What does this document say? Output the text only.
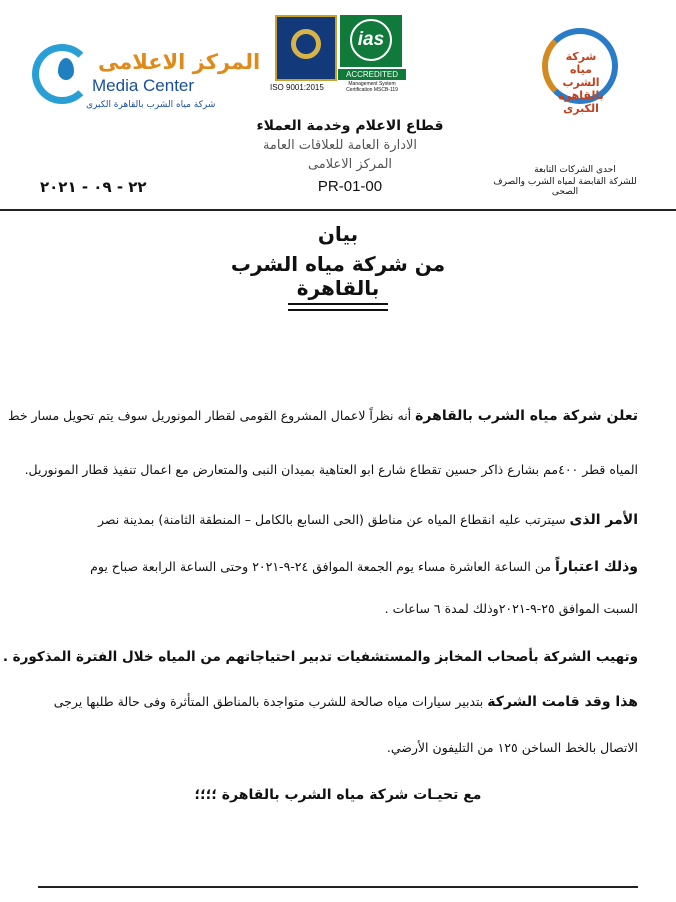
المركز الاعلامى
Media Center
شركة مياه الشرب بالقاهرة الكبرى
ISO 9001:2015
ias
ACCREDITED
Management System Certification MSCB-119
قطاع الاعلام وخدمة العملاء
الادارة العامة للعلاقات العامة
المركز الاعلامى
PR-01-00
شركة مياه الشرب بالقاهرة الكبرى
احدى الشركات التابعة
للشركة القابضة لمياه الشرب والصرف الصحى
٢٢ - ٠٩ - ٢٠٢١
بيان
من شركة مياه الشرب بالقاهرة
تعلن شركة مياه الشرب بالقاهرة أنه نظراً لاعمال المشروع القومى لقطار المونوريل سوف يتم تحويل مسار خط
المياه قطر ٤٠٠مم بشارع ذاكر حسين تقطاع شارع ابو العتاهية بميدان النبى والمتعارض مع اعمال تنفيذ قطار المونوريل.
الأمر الذى سيترتب عليه انقطاع المياه عن مناطق (الحى السابع بالكامل – المنطقة الثامنة) بمدينة نصر
وذلك اعتباراً من الساعة العاشرة مساء يوم الجمعة الموافق ٢٤-٩-٢٠٢١ وحتى الساعة الرابعة صباح يوم
السبت الموافق ٢٥-٩-٢٠٢١وذلك لمدة ٦ ساعات .
وتهيب الشركة بأصحاب المخابز والمستشفيات تدبير احتياجاتهم من المياه خلال الفترة المذكورة .
هذا وقد قامت الشركة بتدبير سيارات مياه صالحة للشرب متواجدة بالمناطق المتأثرة وفى حالة طلبها يرجى
الاتصال بالخط الساخن ١٢٥ من التليفون الأرضي.
مع تحيـات شركة مياه الشرب بالقاهرة ؛؛؛؛
